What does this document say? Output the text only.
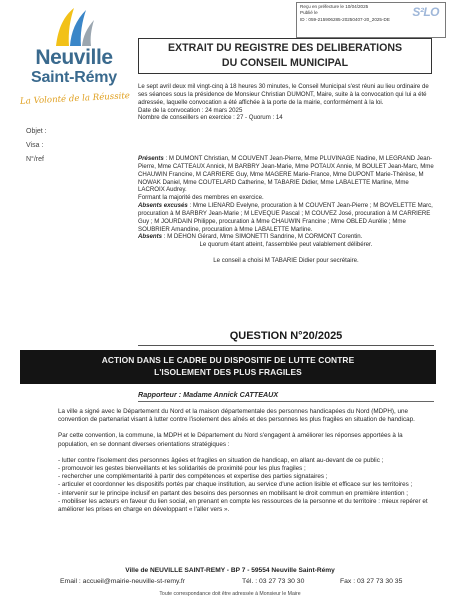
Reçu en préfecture le 10/04/2025
Publié le
ID : 059-215906285-20250407-20_2025-DE
S²LO
Neuville
Saint-Rémy
La Volonté de la Réussite
EXTRAIT DU REGISTRE DES DELIBERATIONS
DU CONSEIL MUNICIPAL
Objet :
Visa :
N°/ref

Le sept avril deux mil vingt-cinq à 18 heures 30 minutes, le Conseil Municipal s'est réuni au lieu ordinaire de ses séances sous la présidence de Monsieur Christian DUMONT, Maire, suite à la convocation qui lui a été adressée, laquelle convocation a été affichée à la porte de la mairie, conformément à la loi.

Date de la convocation : 24 mars 2025

Nombre de conseillers en exercice : 27 - Quorum : 14

Présents : M DUMONT Christian, M COUVENT Jean-Pierre, Mme PLUVINAGE Nadine, M LEGRAND Jean-Pierre, Mme CATTEAUX Annick, M BARBRY Jean-Marie, Mme POTAUX Annie, M BOULET Jean-Marc, Mme CHAUWIN Francine, M CARRIERE Guy, Mme MAGERE Marie-France, Mme DUPONT Marie-Thérèse, M NOWAK Daniel, Mme COUTELARD Catherine, M TABARIE Didier, Mme LABALETTE Marline, Mme LACROIX Audrey.

Formant la majorité des membres en exercice.

Absents excusés : Mme LIENARD Evelyne, procuration à M COUVENT Jean-Pierre ; M BOVELETTE Marc, procuration à M BARBRY Jean-Marie ; M LEVEQUE Pascal ; M COUVEZ José, procuration à M CARRIERE Guy ; M JOURDAIN Philippe, procuration à Mme CHAUWIN Francine ; Mme OBLED Aurélie ; Mme SOUBRIER Amandine, procuration à Mme LABALETTE Marline.

Absents : M DEHON Gérard, Mme SIMONETTI Sandrine, M CORMONT Corentin.

Le quorum étant atteint, l'assemblée peut valablement délibérer.

Le conseil a choisi M TABARIE Didier pour secrétaire.

QUESTION N°20/2025
ACTION DANS LE CADRE DU DISPOSITIF DE LUTTE CONTRE
L'ISOLEMENT DES PLUS FRAGILES
Rapporteur : Madame Annick CATTEAUX

La ville a signé avec le Département du Nord et la maison départementale des personnes handicapées du Nord (MDPH), une convention de partenariat visant à lutter contre l'isolement des aînés et des personnes les plus fragiles en situation de handicap.

Par cette convention, la commune, la MDPH et le Département du Nord s'engagent à améliorer les réponses apportées à la population, en se donnant diverses orientations stratégiques :

- lutter contre l'isolement des personnes âgées et fragiles en situation de handicap, en allant au-devant de ce public ;

- promouvoir les gestes bienveillants et les solidarités de proximité pour les plus fragiles ;

- rechercher une complémentarité à partir des compétences et expertise des parties signataires ;

- articuler et coordonner les dispositifs portés par chaque institution, au service d'une action lisible et efficace sur les territoires ;

- intervenir sur le principe inclusif en partant des besoins des personnes en mobilisant le droit commun en première intention ;

- mobiliser les acteurs en faveur du lien social, en prenant en compte les ressources de la personne et du territoire : mieux repérer et améliorer les prises en charge en développant « l'aller vers ».

Ville de NEUVILLE SAINT-REMY - BP 7 - 59554 Neuville Saint-Rémy
Email : accueil@mairie-neuville-st-remy.fr	Tél. : 03 27 73 30 30	Fax : 03 27 73 30 35
Toute correspondance doit être adressée à Monsieur le Maire
